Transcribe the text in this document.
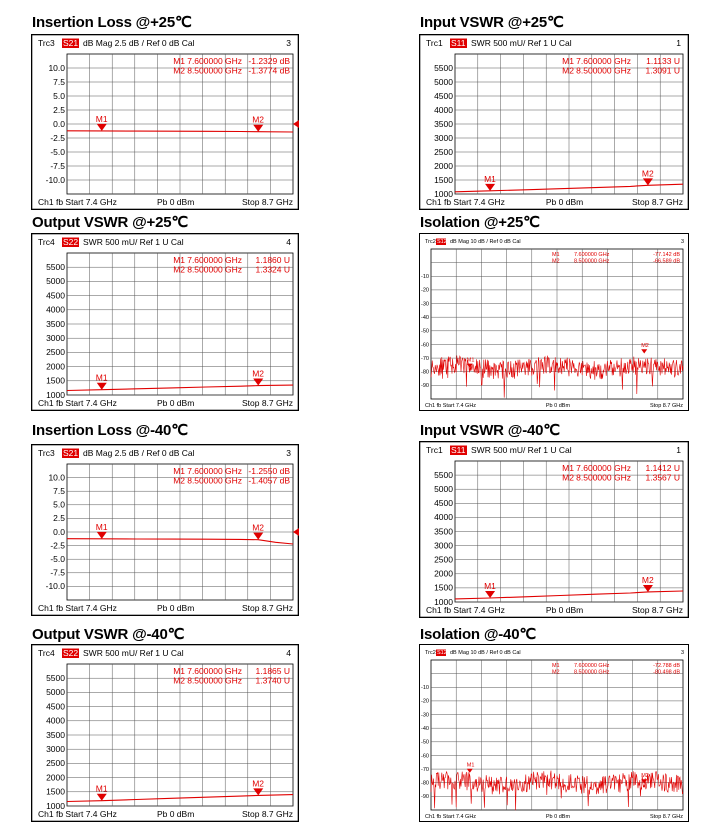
Insertion Loss @+25℃	Input VSWR @+25℃
Output VSWR @+25℃	Isolation @+25℃
Insertion Loss @-40℃	Input VSWR @-40℃
Output VSWR @-40℃	Isolation @-40℃
Trc3 S21 dB Mag 2.5 dB / Ref 0 dB Cal	3
10.0
7.5
5.0
2.5
0.0
-2.5
-5.0
-7.5
-10.0
M1 7.600000 GHz -1.2329 dB
M2 8.500000 GHz -1.3774 dB
M1	M2
Ch1 fb Start 7.4 GHz	Pb 0 dBm	Stop 8.7 GHz
Trc1 S11 SWR 500 mU/ Ref 1 U Cal	1
5500
5000
4500
4000
3500
3000
2500
2000
1500
1000
M1 7.600000 GHz 1.1133 U
M2 8.500000 GHz 1.3091 U
M1
M2
Ch1 fb Start 7.4 GHz	Pb 0 dBm	Stop 8.7 GHz
Trc4 S22 SWR 500 mU/ Ref 1 U Cal	4
5500
5000
4500
4000
3500
3000
2500
2000
1500
1000
M1 7.600000 GHz 1.1860 U
M2 8.500000 GHz 1.3324 U
M1	M2
Ch1 fb Start 7.4 GHz	Pb 0 dBm	Stop 8.7 GHz
Trc2 S12 dB Mag 10 dB / Ref 0 dB Cal	3
-10
-20
-30
-40
-50
-60
-70
-80
-90
M1	7.600000 GHz	-77.142 dB
M2	8.500000 GHz	-66.589 dB
M1
M2
Ch1 fb Start 7.4 GHz	Pb 0 dBm	Stop 8.7 GHz
Trc3 S21 dB Mag 2.5 dB / Ref 0 dB Cal	3
10.0
7.5
5.0
2.5
0.0
-2.5
-5.0
-7.5
-10.0
M1 7.600000 GHz -1.2550 dB
M2 8.500000 GHz -1.4057 dB
M1	M2
Ch1 fb Start 7.4 GHz	Pb 0 dBm	Stop 8.7 GHz
Trc1 S11 SWR 500 mU/ Ref 1 U Cal	1
5500
5000
4500
4000
3500
3000
2500
2000
1500
1000
M1 7.600000 GHz 1.1412 U
M2 8.500000 GHz 1.3567 U
M1
M2
Ch1 fb Start 7.4 GHz	Pb 0 dBm	Stop 8.7 GHz
Trc4 S22 SWR 500 mU/ Ref 1 U Cal	4
5500
5000
4500
4000
3500
3000
2500
2000
1500
1000
M1 7.600000 GHz 1.1865 U
M2 8.500000 GHz 1.3740 U
M1
M2
Ch1 fb Start 7.4 GHz	Pb 0 dBm	Stop 8.7 GHz
Trc2 S12 dB Mag 10 dB / Ref 0 dB Cal	3
-10
-20
-30
-40
-50
-60
-70
-80
-90
M1	7.600000 GHz	-72.788 dB
M2	8.500000 GHz	-80.498 dB
M1
M2
Ch1 fb Start 7.4 GHz	Pb 0 dBm	Stop 8.7 GHz
